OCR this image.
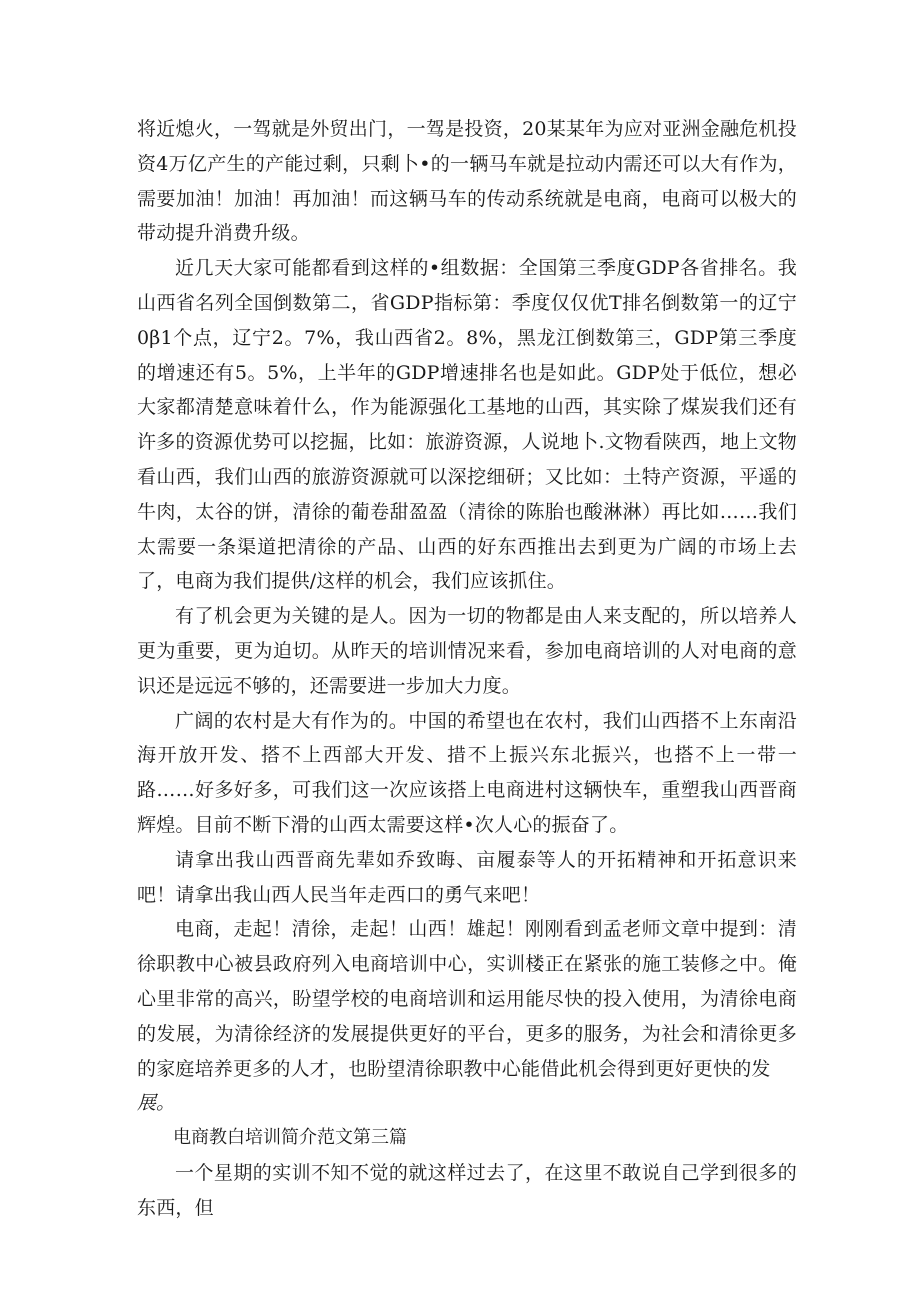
将近熄火，一驾就是外贸出门，一驾是投资，20某某年为应对亚洲金融危机投资4万亿产生的产能过剩，只剩卜•的一辆马车就是拉动内需还可以大有作为，需要加油！加油！再加油！而这辆马车的传动系统就是电商，电商可以极大的带动提升消费升级。

近几天大家可能都看到这样的•组数据：全国第三季度GDP各省排名。我山西省名列全国倒数第二，省GDP指标第：季度仅仅优T排名倒数第一的辽宁0β1个点，辽宁2。7%，我山西省2。8%，黑龙江倒数第三，GDP第三季度的增速还有5。5%，上半年的GDP增速排名也是如此。GDP处于低位，想必大家都清楚意味着什么，作为能源强化工基地的山西，其实除了煤炭我们还有许多的资源优势可以挖掘，比如：旅游资源，人说地卜.文物看陕西，地上文物看山西，我们山西的旅游资源就可以深挖细研；又比如：土特产资源，平遥的牛肉，太谷的饼，清徐的葡卷甜盈盈（清徐的陈胎也酸淋淋）再比如……我们太需要一条渠道把清徐的产品、山西的好东西推出去到更为广阔的市场上去了，电商为我们提供/这样的机会，我们应该抓住。

有了机会更为关键的是人。因为一切的物都是由人来支配的，所以培养人更为重要，更为迫切。从昨天的培训情况来看，参加电商培训的人对电商的意识还是远远不够的，还需要进一步加大力度。

广阔的农村是大有作为的。中国的希望也在农村，我们山西搭不上东南沿海开放开发、搭不上西部大开发、措不上振兴东北振兴，也搭不上一带一路……好多好多，可我们这一次应该搭上电商进村这辆快车，重塑我山西晋商辉煌。目前不断下滑的山西太需要这样•次人心的振奋了。

请拿出我山西晋商先辈如乔致晦、亩履泰等人的开拓精神和开拓意识来吧！请拿出我山西人民当年走西口的勇气来吧！

电商，走起！清徐，走起！山西！雄起！刚刚看到孟老师文章中提到：清徐职教中心被县政府列入电商培训中心，实训楼正在紧张的施工装修之中。俺心里非常的高兴，盼望学校的电商培训和运用能尽快的投入使用，为清徐电商的发展，为清徐经济的发展提供更好的平台，更多的服务，为社会和清徐更多的家庭培养更多的人才，也盼望清徐职教中心能借此机会得到更好更快的发

展。

电商教白培训简介范文第三篇

一个星期的实训不知不觉的就这样过去了，在这里不敢说自己学到很多的东西，但
